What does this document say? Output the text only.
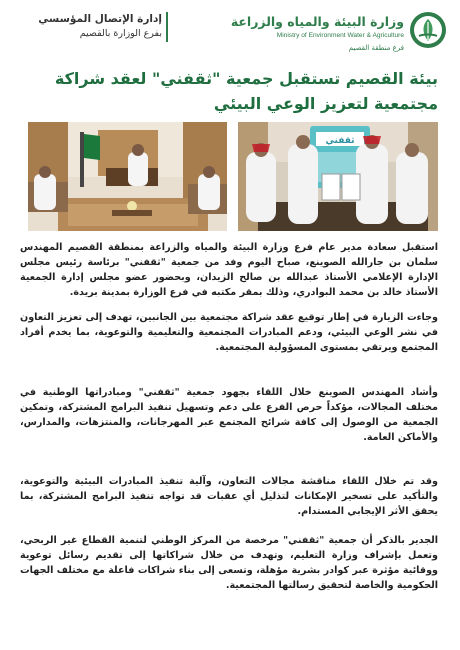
وزارة البيئة والمياه والزراعة
Ministry of Environment Water & Agriculture
فرع منطقة القصيم
إدارة الإتصال المؤسسي
بفرع الوزارة بالقصيم
بيئة القصيم تستقبل جمعية "ثقفني" لعقد شراكة مجتمعية لتعزيز الوعي البيئي
ثقفني

استقبل سعادة مدير عام فرع وزارة البيئة والمياه والزراعة بمنطقة القصيم المهندس سلمان بن جارالله الصوينع، صباح اليوم وفد من جمعية "ثقفني" برئاسة رئيس مجلس الإدارة الإعلامي الأستاذ عبدالله بن صالح الزيدان، وبحضور عضو مجلس إدارة الجمعية الأستاذ خالد بن محمد البوادري، وذلك بمقر مكتبه في فرع الوزارة بمدينة بريدة.

وجاءت الزيارة في إطار توقيع عقد شراكة مجتمعية بين الجانبين، تهدف إلى تعزيز التعاون في نشر الوعي البيئي، ودعم المبادرات المجتمعية والتعليمية والتوعوية، بما يخدم أفراد المجتمع ويرتقي بمستوى المسؤولية المجتمعية.

وأشاد المهندس الصوينع خلال اللقاء بجهود جمعية "ثقفني" ومبادراتها الوطنية في مختلف المجالات، مؤكداً حرص الفرع على دعم وتسهيل تنفيذ البرامج المشتركة، وتمكين الجمعية من الوصول إلى كافة شرائح المجتمع عبر المهرجانات، والمنتزهات، والمدارس، والأماكن العامة.

وقد تم خلال اللقاء مناقشة مجالات التعاون، وآلية تنفيذ المبادرات البيئية والتوعوية، والتأكيد على تسخير الإمكانات لتذليل أي عقبات قد تواجه تنفيذ البرامج المشتركة، بما يحقق الأثر الإيجابي المستدام.

الجدير بالذكر أن جمعية "ثقفني" مرخصة من المركز الوطني لتنمية القطاع غير الربحي، وتعمل بإشراف وزارة التعليم، وتهدف من خلال شراكاتها إلى تقديم رسائل توعوية ووقائية مؤثرة عبر كوادر بشرية مؤهلة، وتسعى إلى بناء شراكات فاعلة مع مختلف الجهات الحكومية والخاصة لتحقيق رسالتها المجتمعية.
